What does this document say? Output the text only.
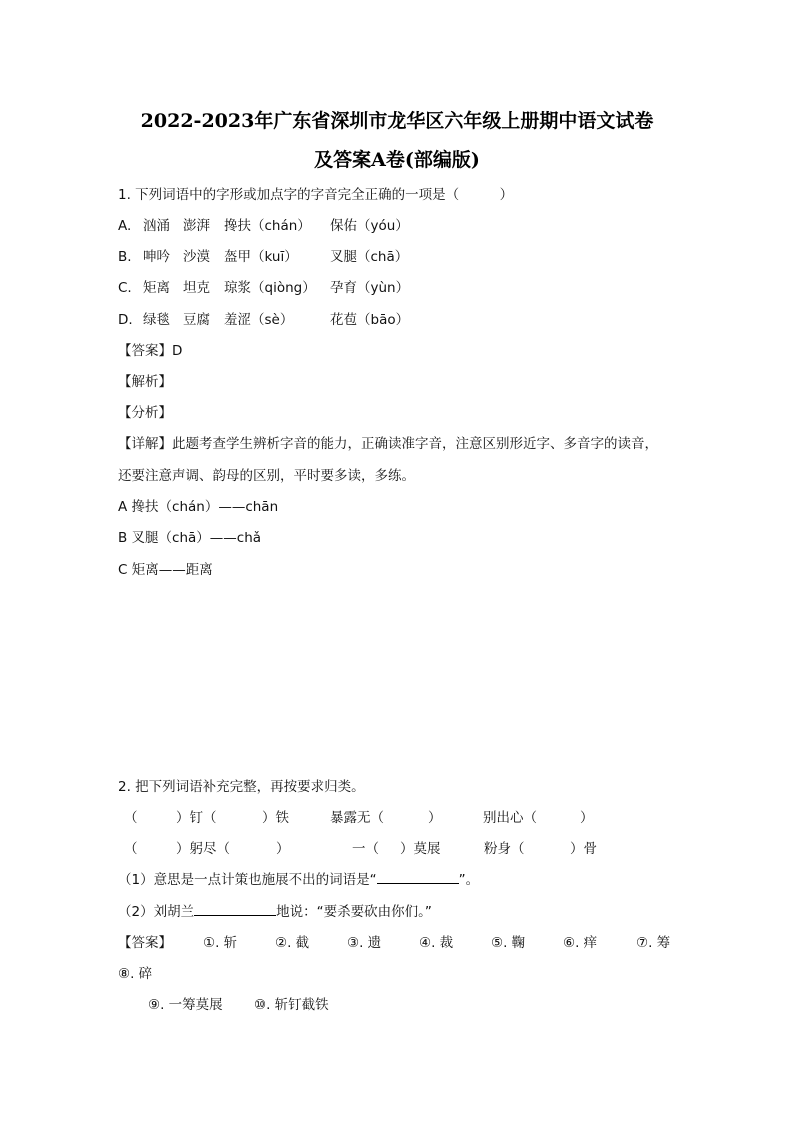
2022-2023年广东省深圳市龙华区六年级上册期中语文试卷
及答案A卷(部编版)
1. 下列词语中的字形或加点字的字音完全正确的一项是（　　　）
A. 汹涌 澎湃 搀扶（chán） 保佑（yóu）
B. 呻吟 沙漠 盔甲（kuī） 叉腿（chā）
C. 矩离 坦克 琼浆（qiòng） 孕育（yùn）
D. 绿毯 豆腐 羞涩（sè）	花苞（bāo）
【答案】D
【解析】
【分析】
【详解】此题考查学生辨析字音的能力，正确读准字音，注意区别形近字、多音字的读音，
还要注意声调、韵母的区别，平时要多读，多练。
A 搀扶（chán）——chān
B 叉腿（chā）——chǎ
C 矩离——距离
2. 把下列词语补充完整，再按要求归类。
（	）钉（	）铁	暴露无（	）	别出心（	）
（	）躬尽（	）	一（ ）莫展	粉身（	）骨
（1）意思是一点计策也施展不出的词语是“	”。
（2）刘胡兰	地说：“要杀要砍由你们。”
【答案】 ①. 斩	②. 截	③. 遗	④. 裁	⑤. 鞠	⑥. 痒	⑦. 筹
⑧. 碎
⑨. 一筹莫展 ⑩. 斩钉截铁
